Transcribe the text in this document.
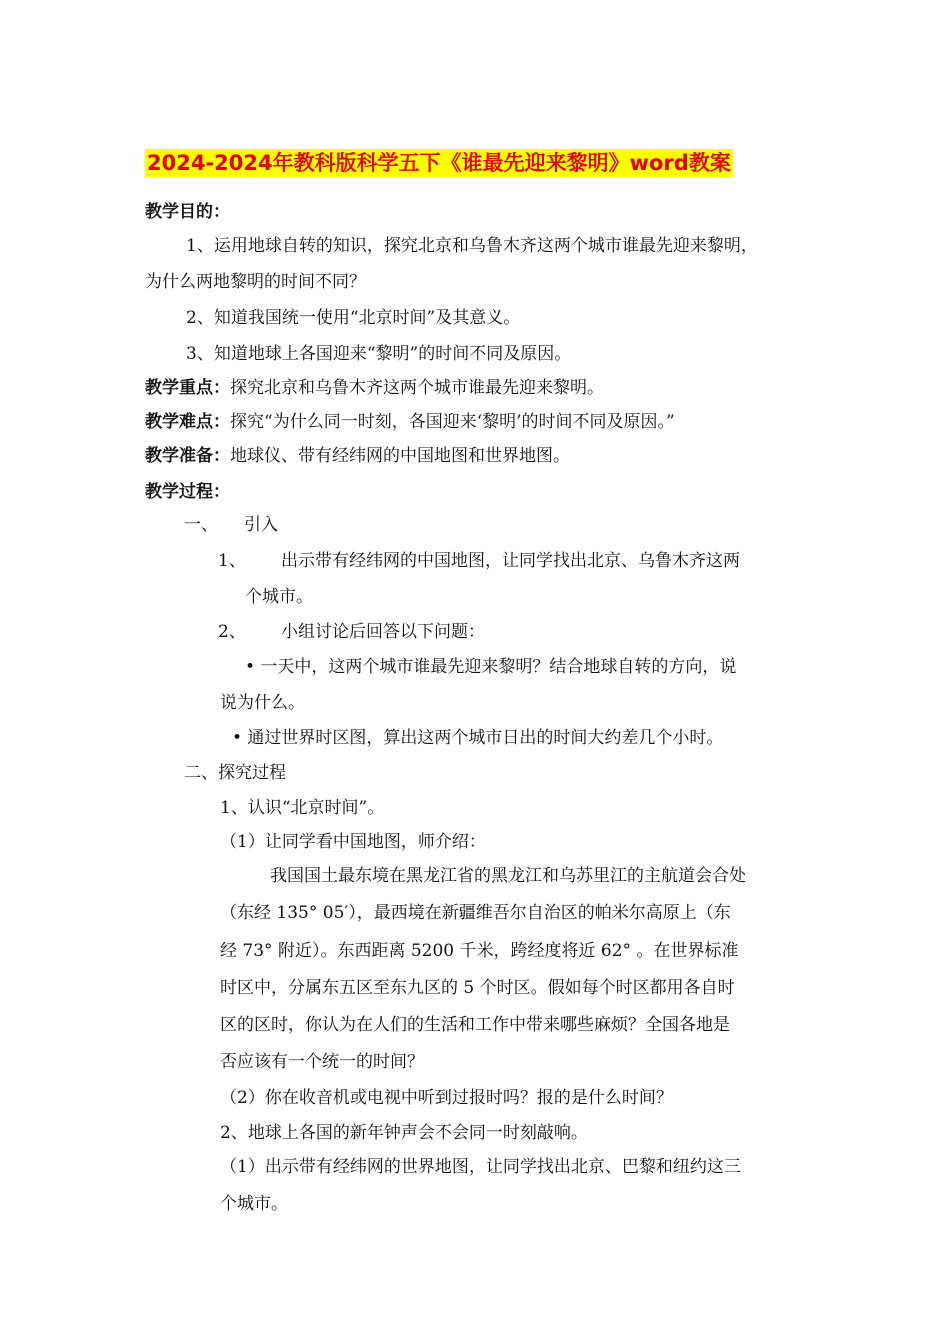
2024-2024年教科版科学五下《谁最先迎来黎明》word教案
教学目的：
1、运用地球自转的知识，探究北京和乌鲁木齐这两个城市谁最先迎来黎明，
为什么两地黎明的时间不同？
2、知道我国统一使用“北京时间”及其意义。
3、知道地球上各国迎来“黎明”的时间不同及原因。
教学重点：探究北京和乌鲁木齐这两个城市谁最先迎来黎明。
教学难点：探究“为什么同一时刻，各国迎来‘黎明’的时间不同及原因。”
教学准备：地球仪、带有经纬网的中国地图和世界地图。
教学过程：
一、 引入
1、 出示带有经纬网的中国地图，让同学找出北京、乌鲁木齐这两
个城市。
2、 小组讨论后回答以下问题：
• 一天中，这两个城市谁最先迎来黎明？结合地球自转的方向，说
说为什么。
• 通过世界时区图，算出这两个城市日出的时间大约差几个小时。
二、探究过程
1、认识“北京时间”。
（1）让同学看中国地图，师介绍：
我国国土最东境在黑龙江省的黑龙江和乌苏里江的主航道会合处
（东经 135° 05′），最西境在新疆维吾尔自治区的帕米尔高原上（东
经 73° 附近）。东西距离 5200 千米，跨经度将近 62° 。在世界标准
时区中，分属东五区至东九区的 5 个时区。假如每个时区都用各自时
区的区时，你认为在人们的生活和工作中带来哪些麻烦？全国各地是
否应该有一个统一的时间？
（2）你在收音机或电视中听到过报时吗？报的是什么时间？
2、地球上各国的新年钟声会不会同一时刻敲响。
（1）出示带有经纬网的世界地图，让同学找出北京、巴黎和纽约这三
个城市。
